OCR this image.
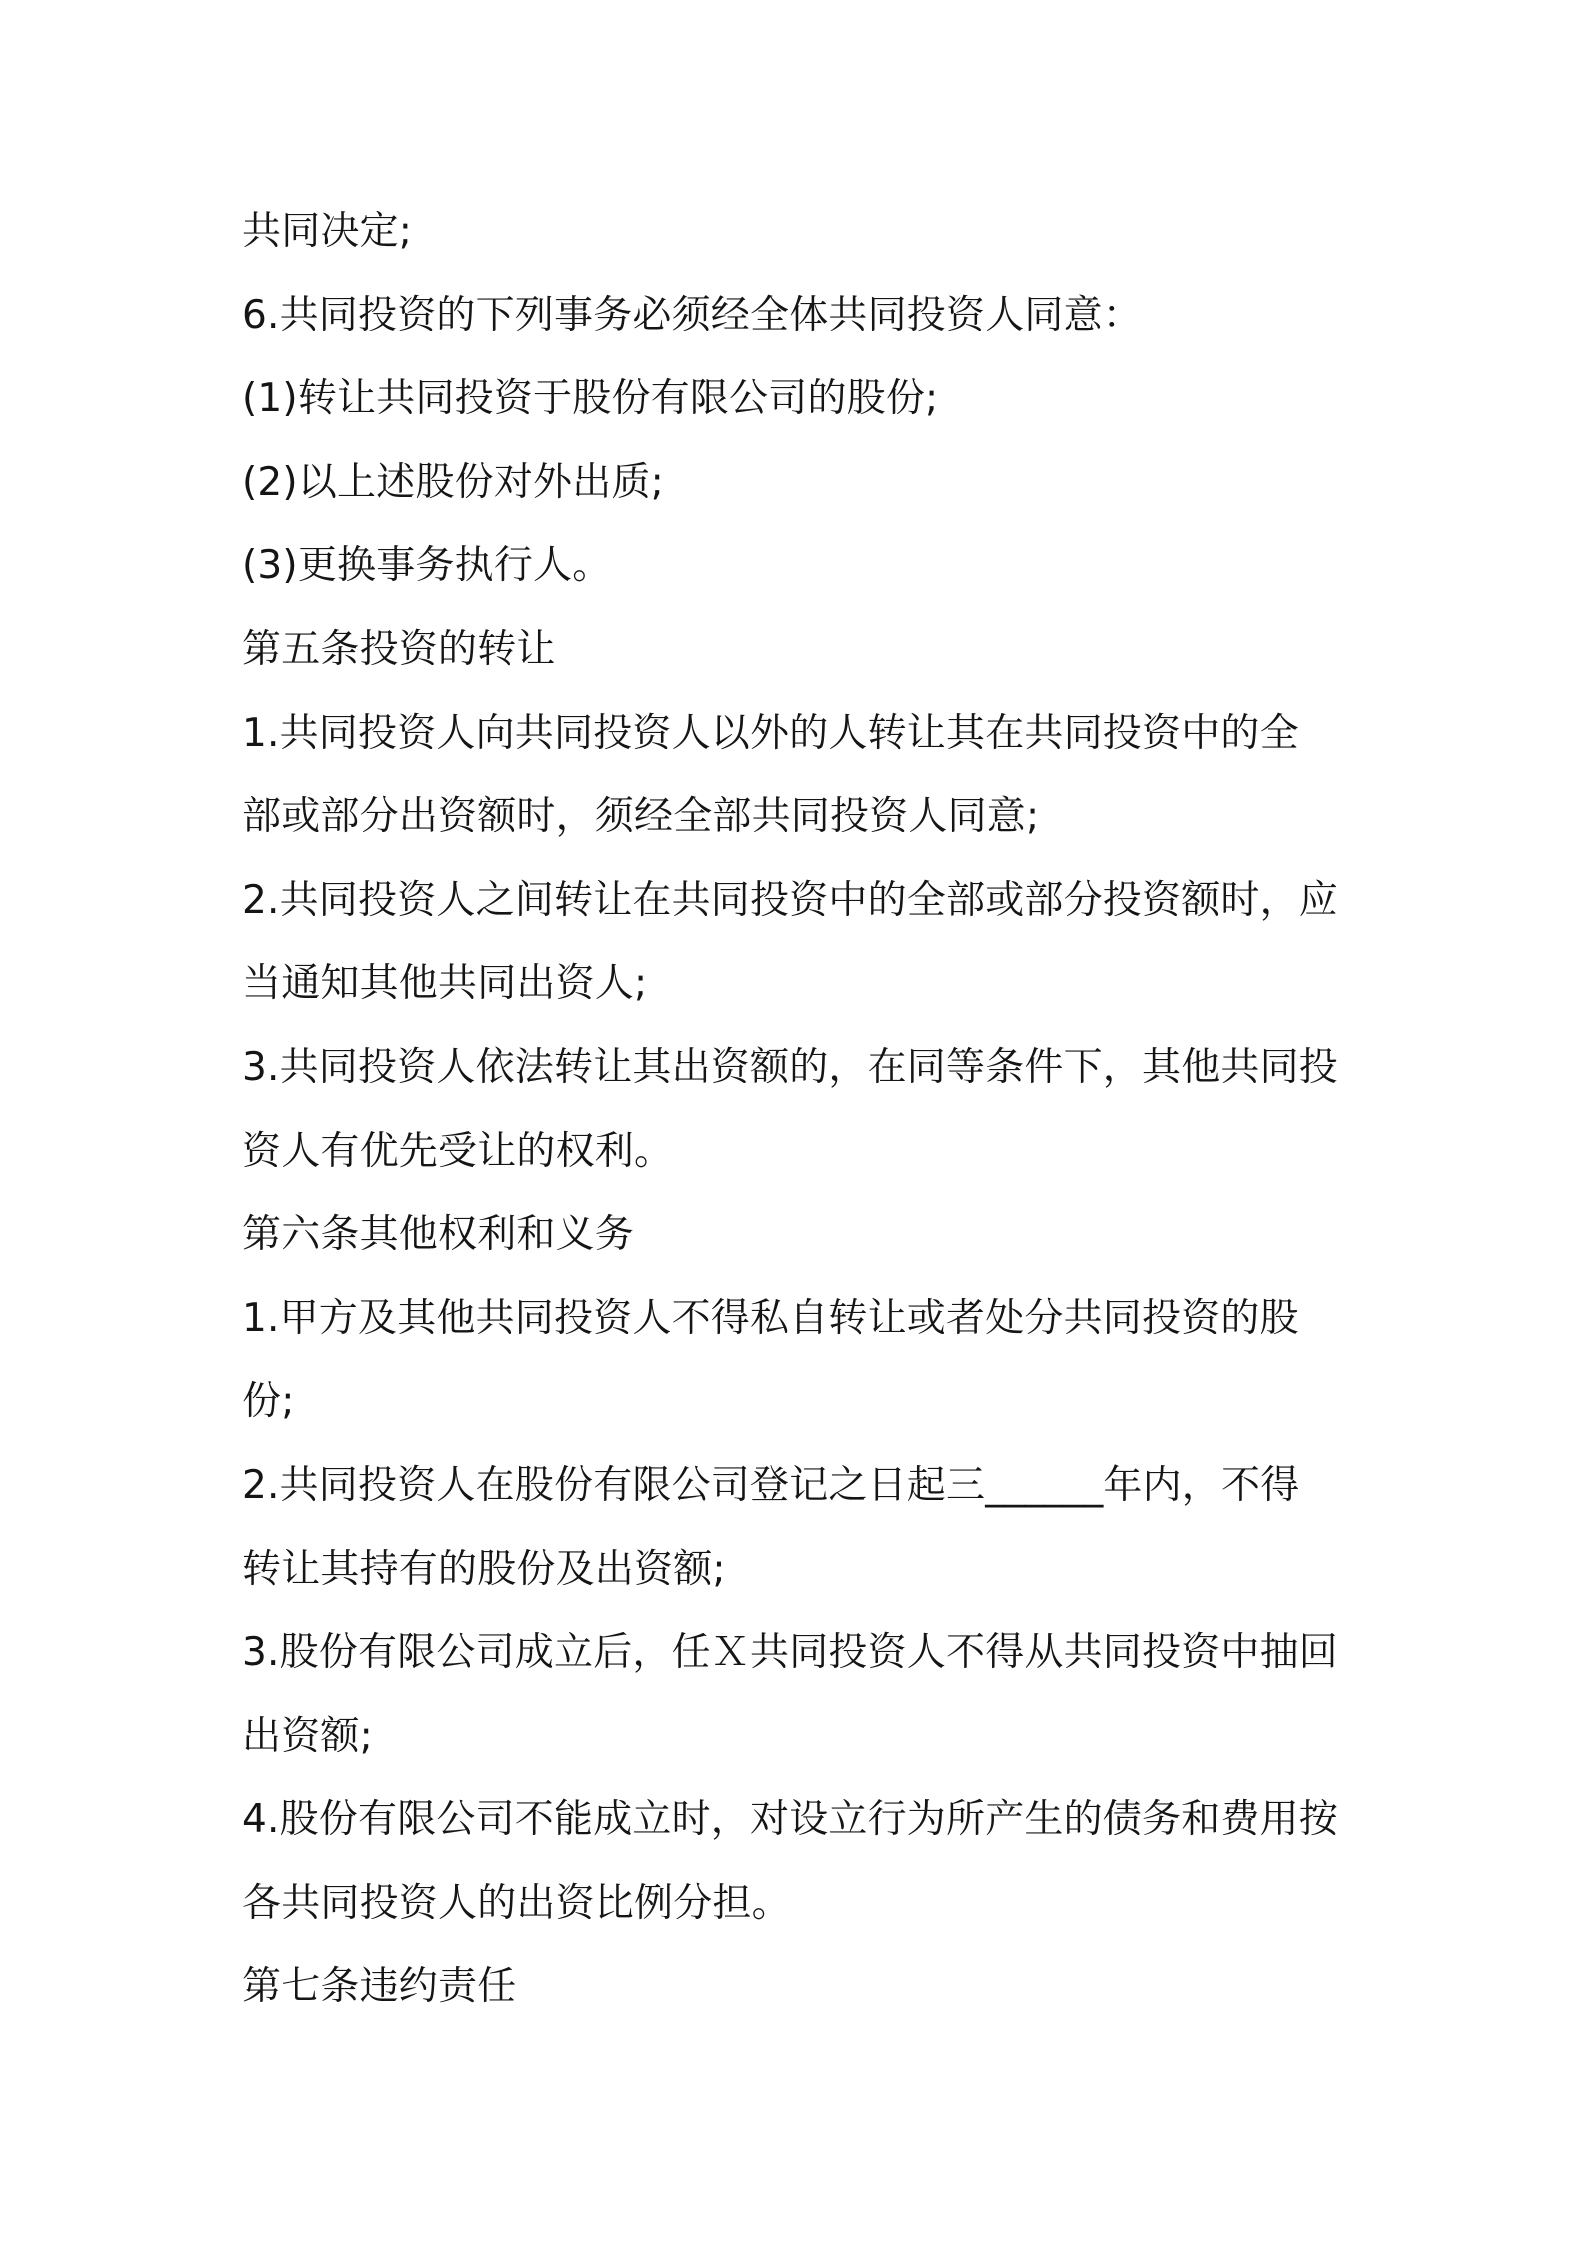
共同决定;
6.共同投资的下列事务必须经全体共同投资人同意：
(1)转让共同投资于股份有限公司的股份;
(2)以上述股份对外出质;
(3)更换事务执行人。
第五条投资的转让
1.共同投资人向共同投资人以外的人转让其在共同投资中的全
部或部分出资额时，须经全部共同投资人同意;
2.共同投资人之间转让在共同投资中的全部或部分投资额时，应
当通知其他共同出资人;
3.共同投资人依法转让其出资额的，在同等条件下，其他共同投
资人有优先受让的权利。
第六条其他权利和义务
1.甲方及其他共同投资人不得私自转让或者处分共同投资的股
份;
2.共同投资人在股份有限公司登记之日起三______年内，不得
转让其持有的股份及出资额;
3.股份有限公司成立后，任Ｘ共同投资人不得从共同投资中抽回
出资额;
4.股份有限公司不能成立时，对设立行为所产生的债务和费用按
各共同投资人的出资比例分担。
第七条违约责任
